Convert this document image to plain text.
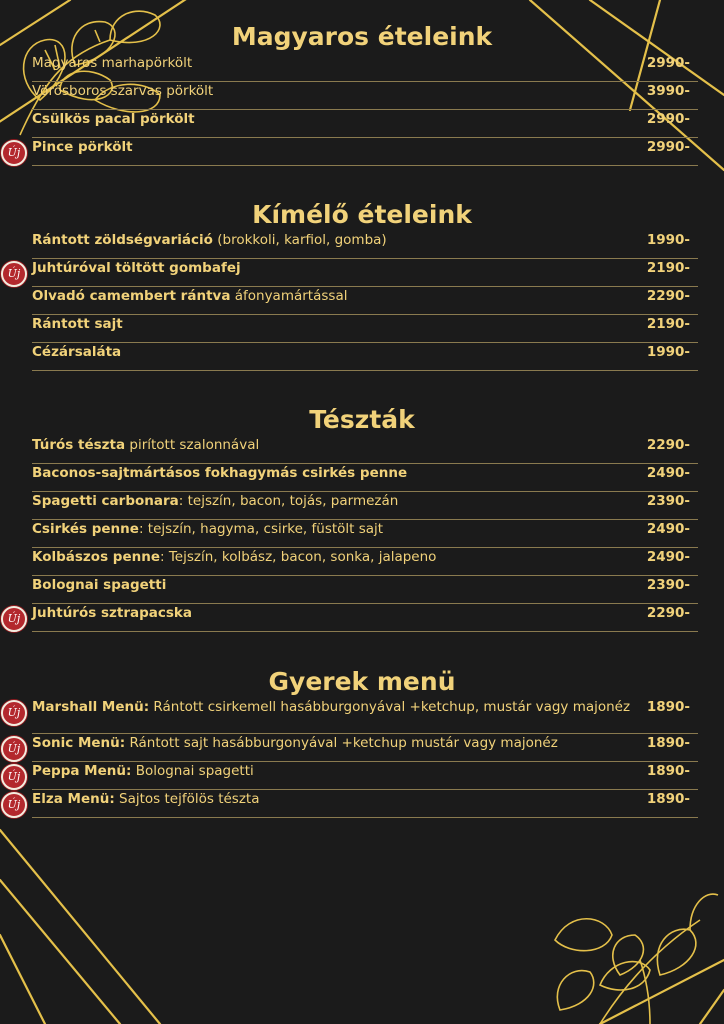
Magyaros ételeink
Magyaros marhapörkölt	2990-
Vörösboros szarvas pörkölt	3990-
Csülkös pacal pörkölt	2990-
Pince pörkölt	2990-
Új
Kímélő ételeink
Rántott zöldségvariáció (brokkoli, karfiol, gomba)	1990-
Juhtúróval töltött gombafej	2190-
Új
Olvadó camembert rántva áfonyamártással	2290-
Rántott sajt	2190-
Cézársaláta	1990-
Tészták
Túrós tészta pirított szalonnával	2290-
Baconos-sajtmártásos fokhagymás csirkés penne	2490-
Spagetti carbonara: tejszín, bacon, tojás, parmezán	2390-
Csirkés penne: tejszín, hagyma, csirke, füstölt sajt	2490-
Kolbászos penne: Tejszín, kolbász, bacon, sonka, jalapeno	2490-
Bolognai spagetti	2390-
Juhtúrós sztrapacska	2290-
Új
Gyerek menü
Marshall Menü: Rántott csirkemell hasábburgonyával +ketchup, mustár vagy majonéz 1890-
Új
Sonic Menü: Rántott sajt hasábburgonyával +ketchup mustár vagy majonéz	1890-
Új
Peppa Menü: Bolognai spagetti	1890-
Új
Elza Menü: Sajtos tejfölös tészta	1890-
Új
